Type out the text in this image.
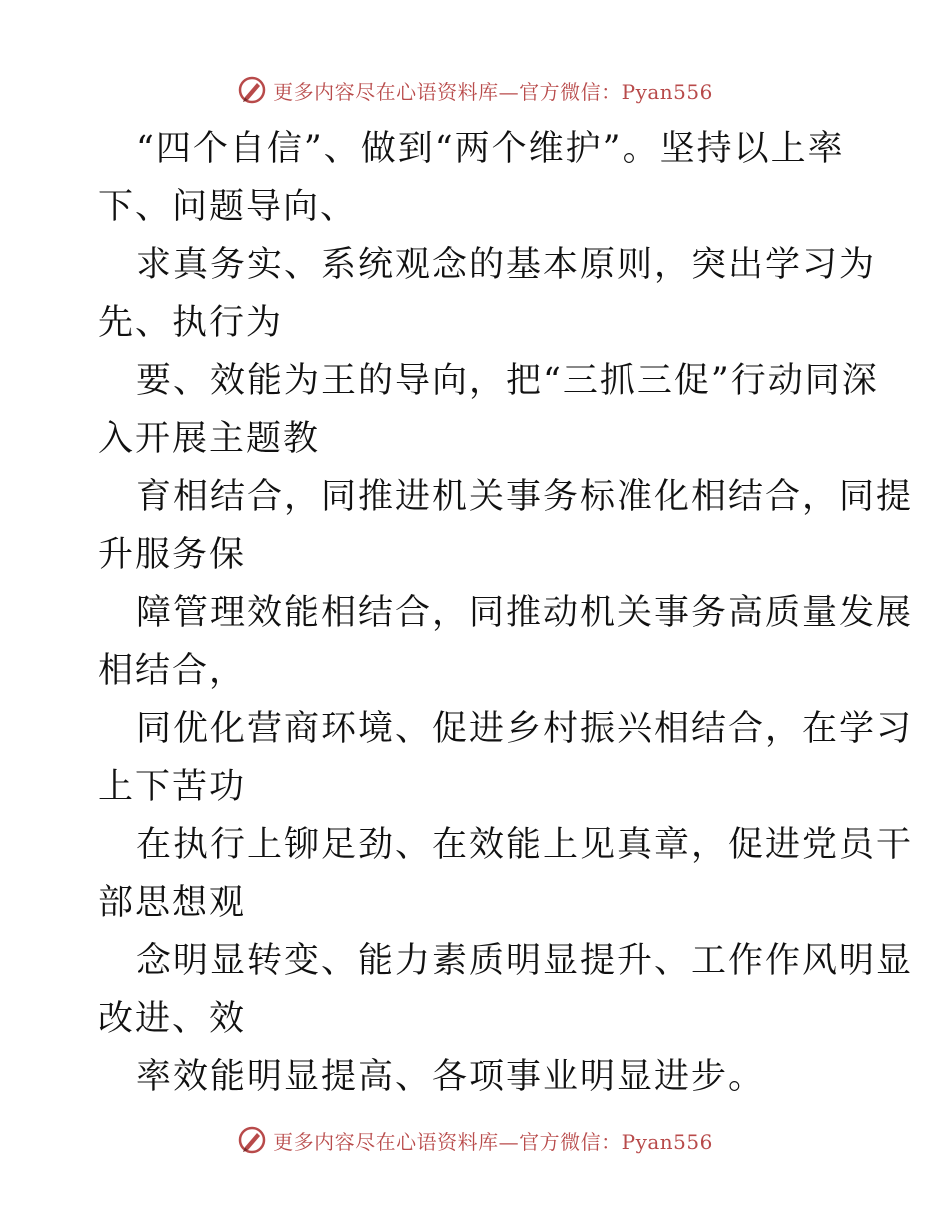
更多内容尽在心语资料库—官方微信：Pyan556
“四个自信”、做到“两个维护”。坚持以上率
下、问题导向、
求真务实、系统观念的基本原则，突出学习为
先、执行为
要、效能为王的导向，把“三抓三促”行动同深
入开展主题教
育相结合，同推进机关事务标准化相结合，同提
升服务保
障管理效能相结合，同推动机关事务高质量发展
相结合，
同优化营商环境、促进乡村振兴相结合，在学习
上下苦功
在执行上铆足劲、在效能上见真章，促进党员干
部思想观
念明显转变、能力素质明显提升、工作作风明显
改进、效
率效能明显提高、各项事业明显进步。
更多内容尽在心语资料库—官方微信：Pyan556
